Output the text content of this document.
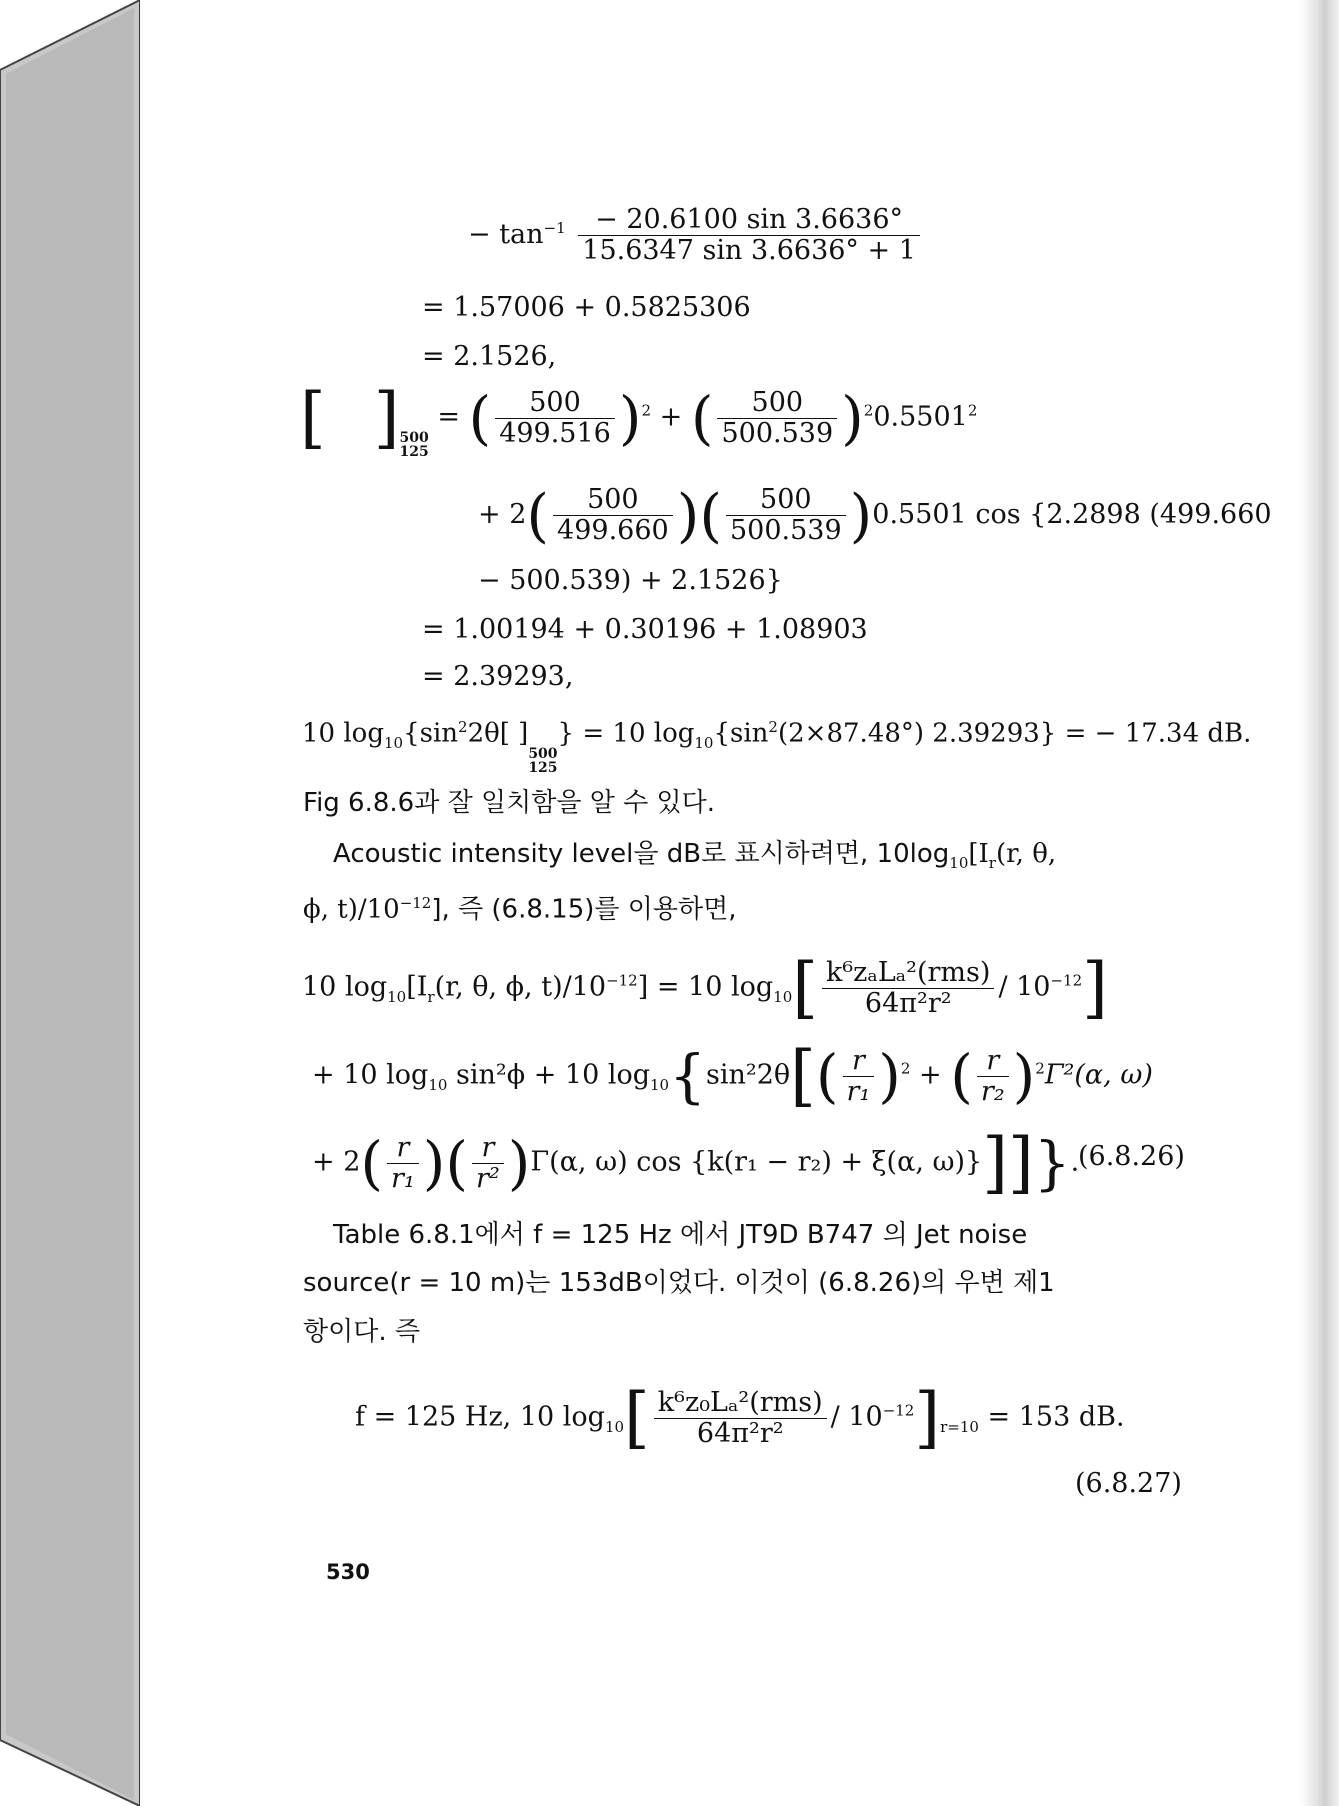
− $\tan^{-1} \frac{- 20.6100 \sin 3.6636^\circ}{15.6347 \sin 3.6636^\circ + 1}$
= 1.57006 + 0.5825306
= 2.1526,
[ ]500
125 = ( $\frac{500}{499.516} )^2$ + ( $\frac{500}{500.539} )^20.5501^2$
+ $2( \frac{500}{499.660}$ )( $\frac{500}{500.539} )0.5501$ cos {2.2898 (499.660
− 500.539) + 2.1526}
= 1.00194 + 0.30196 + 1.08903
= 2.39293,
10 $\log_{10}\{\sin^22\theta$[ ]500
125} = 10 $\log_{10}\{\sin^2(2\times 87.48^\circ) 2.39293\}$ = − 17.34 dB.
Fig 6.8.6과 잘 일치함을 알 수 있다.
Acoustic intensity level을 dB로 표시하려면, $10\log_{10}[I_r(r$, θ,
ϕ, $t)/10^{-12}$], 즉 (6.8.15)를 이용하면,
10 $\log_{10}[I_r(r$, θ, ϕ, $t)/10^{-12}] = 10$ $\log_{10}[ \frac{\text{k⁶zₐLₐ²(rms)}}{\text{64π²r²}} / 10^{-12}]$
+ 10 $\log_{10} \sin^2\phi + 10$ $\log_{10}\{\sin^22\theta[( \frac{r}{\text{r₁}} )^2$ + ( $\frac{r}{\text{r₂}} )^2\Gamma^2(\alpha$, ω)
+ $2( \frac{r}{\text{r₁}}$ )( $\frac{r}{\text{r²}} )\Gamma(\alpha$, ω) cos {k(r₁ − r₂) + ξ(α, ω)}]]}.
(6.8.26)
Table 6.8.1에서 f = 125 Hz 에서 JT9D B747 의 Jet noise
source(r = 10 m)는 153dB이었다. 이것이 (6.8.26)의 우변 제1
항이다. 즉
f = 125 Hz, 10 $\log_{10}[ \frac{\text{k⁶z₀Lₐ²(rms)}}{\text{64π²r²}} / 10^{-12}]_{r=10} = 153$ dB.
(6.8.27)
530
